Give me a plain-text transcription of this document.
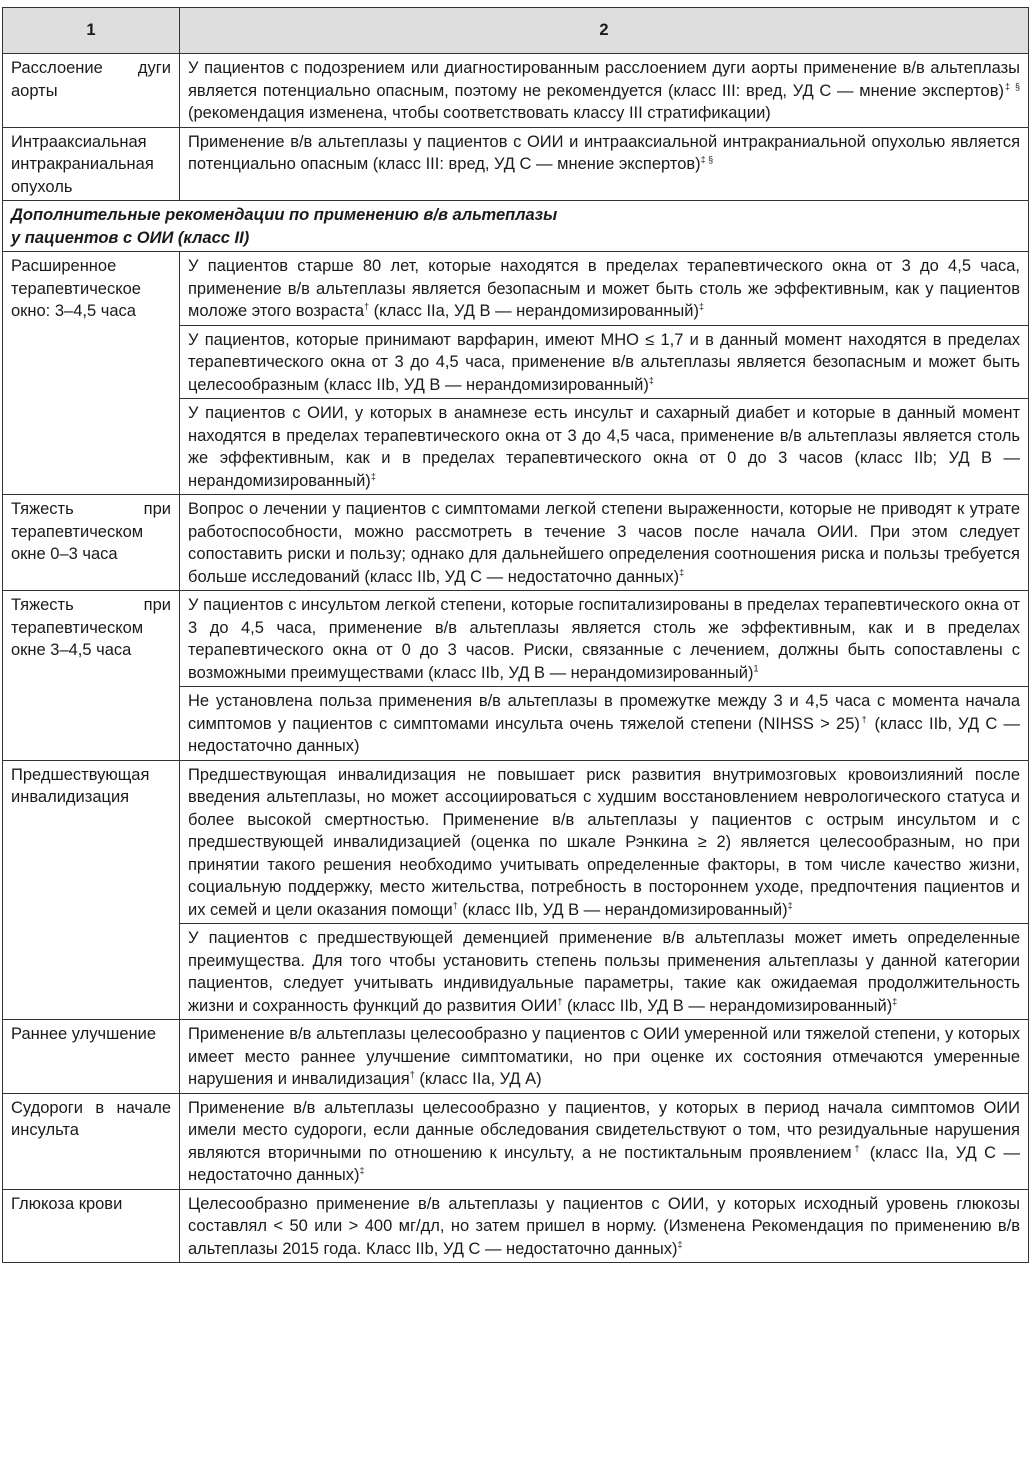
1	2
Расслоение дуги аорты	У пациентов с подозрением или диагностированным расслоением дуги аорты применение в/в альтеплазы является потенциально опасным, поэтому не рекомендуется (класс III: вред, УД С — мнение экспертов)‡ § (рекомендация изменена, чтобы соответствовать классу III стратификации)
Интрааксиальная интракраниальная опухоль	Применение в/в альтеплазы у пациентов с ОИИ и интрааксиальной интракраниальной опухолью является потенциально опасным (класс III: вред, УД С — мнение экспертов)‡ §
Дополнительные рекомендации по применению в/в альтеплазы
у пациентов с ОИИ (класс II)	
Расширенное терапевтическое окно: 3–4,5 часа	У пациентов старше 80 лет, которые находятся в пределах терапевтического окна от 3 до 4,5 часа, применение в/в альтеплазы является безопасным и может быть столь же эффективным, как у пациентов моложе этого возраста† (класс IIa, УД В — нерандомизированный)‡
	У пациентов, которые принимают варфарин, имеют МНО ≤ 1,7 и в данный момент находятся в пределах терапевтического окна от 3 до 4,5 часа, применение в/в альтеплазы является безопасным и может быть целесообразным (класс IIb, УД В — нерандомизированный)‡
	У пациентов с ОИИ, у которых в анамнезе есть инсульт и сахарный диабет и которые в данный момент находятся в пределах терапевтического окна от 3 до 4,5 часа, применение в/в альтеплазы является столь же эффективным, как и в пределах терапевтического окна от 0 до 3 часов (класс IIb; УД В — нерандомизированный)‡
Тяжесть при терапевтическом окне 0–3 часа	Вопрос о лечении у пациентов с симптомами легкой степени выраженности, которые не приводят к утрате работоспособности, можно рассмотреть в течение 3 часов после начала ОИИ. При этом следует сопоставить риски и пользу; однако для дальнейшего определения соотношения риска и пользы требуется больше исследований (класс IIb, УД С — недостаточно данных)‡
Тяжесть при терапевтическом окне 3–4,5 часа	У пациентов с инсультом легкой степени, которые госпитализированы в пределах терапевтического окна от 3 до 4,5 часа, применение в/в альтеплазы является столь же эффективным, как и в пределах терапевтического окна от 0 до 3 часов. Риски, связанные с лечением, должны быть сопоставлены с возможными преимуществами (класс IIb, УД В — нерандомизированный)$^1$
	Не установлена польза применения в/в альтеплазы в промежутке между 3 и 4,5 часа с момента начала симптомов у пациентов с симптомами инсульта очень тяжелой степени (NIHSS > 25)† (класс IIb, УД С — недостаточно данных)
Предшествующая инвалидизация	Предшествующая инвалидизация не повышает риск развития внутримозговых кровоизлияний после введения альтеплазы, но может ассоциироваться с худшим восстановлением неврологического статуса и более высокой смертностью. Применение в/в альтеплазы у пациентов с острым инсультом и с предшествующей инвалидизацией (оценка по шкале Рэнкина ≥ 2) является целесообразным, но при принятии такого решения необходимо учитывать определенные факторы, в том числе качество жизни, социальную поддержку, место жительства, потребность в постороннем уходе, предпочтения пациентов и их семей и цели оказания помощи† (класс IIb, УД В — нерандомизированный)‡
	У пациентов с предшествующей деменцией применение в/в альтеплазы может иметь определенные преимущества. Для того чтобы установить степень пользы применения альтеплазы у данной категории пациентов, следует учитывать индивидуальные параметры, такие как ожидаемая продолжительность жизни и сохранность функций до развития ОИИ† (класс IIb, УД В — нерандомизированный)‡
Раннее улучшение	Применение в/в альтеплазы целесообразно у пациентов с ОИИ умеренной или тяжелой степени, у которых имеет место раннее улучшение симптоматики, но при оценке их состояния отмечаются умеренные нарушения и инвалидизация† (класс IIa, УД А)
Судороги в начале инсульта	Применение в/в альтеплазы целесообразно у пациентов, у которых в период начала симптомов ОИИ имели место судороги, если данные обследования свидетельствуют о том, что резидуальные нарушения являются вторичными по отношению к инсульту, а не постиктальным проявлением† (класс IIa, УД С — недостаточно данных)‡
Глюкоза крови	Целесообразно применение в/в альтеплазы у пациентов с ОИИ, у которых исходный уровень глюкозы составлял < 50 или > 400 мг/дл, но затем пришел в норму. (Изменена Рекомендация по применению в/в альтеплазы 2015 года. Класс IIb, УД С — недостаточно данных)‡
